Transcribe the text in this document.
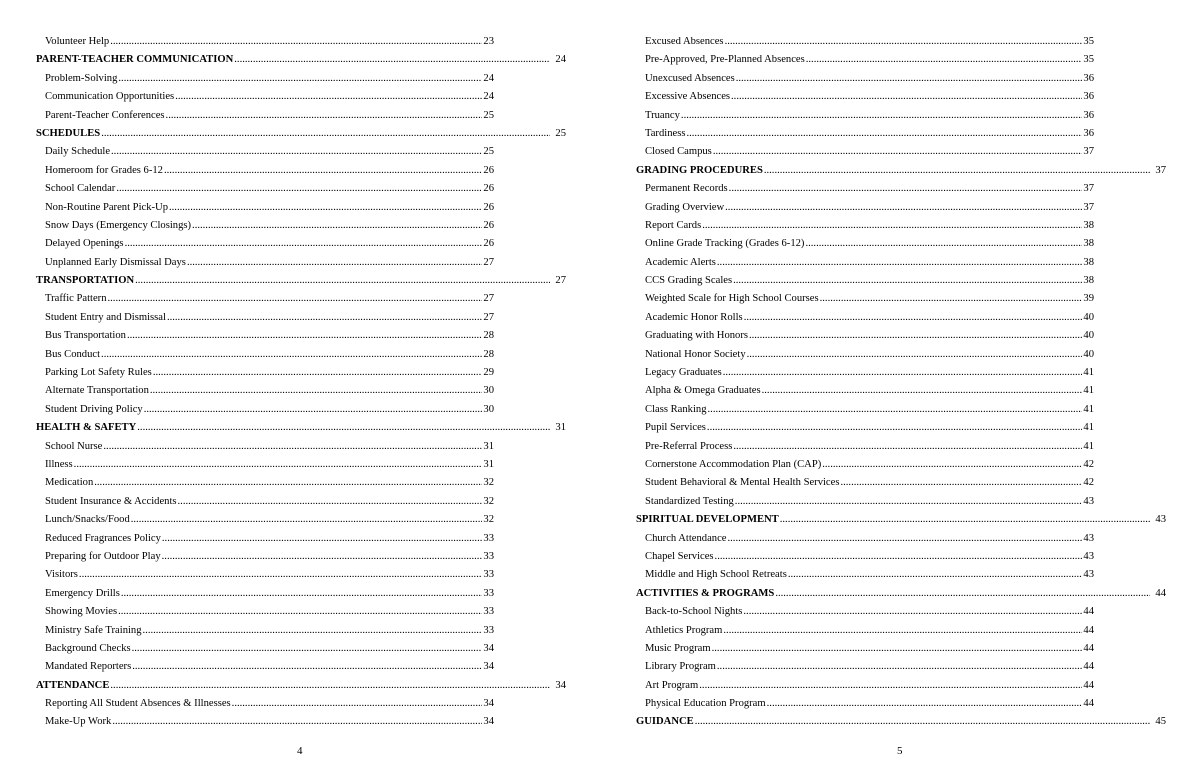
Volunteer Help .....	23
PARENT-TEACHER COMMUNICATION .....	24
Problem-Solving .....	24
Communication Opportunities .....	24
Parent-Teacher Conferences .....	25
SCHEDULES .....	25
Daily Schedule .....	25
Homeroom for Grades 6-12 .....	26
School Calendar .....	26
Non-Routine Parent Pick-Up .....	26
Snow Days (Emergency Closings) .....	26
Delayed Openings .....	26
Unplanned Early Dismissal Days .....	27
TRANSPORTATION .....	27
Traffic Pattern .....	27
Student Entry and Dismissal .....	27
Bus Transportation .....	28
Bus Conduct .....	28
Parking Lot Safety Rules .....	29
Alternate Transportation .....	30
Student Driving Policy .....	30
HEALTH & SAFETY .....	31
School Nurse .....	31
Illness .....	31
Medication .....	32
Student Insurance & Accidents .....	32
Lunch/Snacks/Food .....	32
Reduced Fragrances Policy .....	33
Preparing for Outdoor Play .....	33
Visitors .....	33
Emergency Drills .....	33
Showing Movies .....	33
Ministry Safe Training .....	33
Background Checks .....	34
Mandated Reporters .....	34
ATTENDANCE .....	34
Reporting All Student Absences & Illnesses .....	34
Make-Up Work .....	34
Excused Absences .....	35
Pre-Approved, Pre-Planned Absences .....	35
Unexcused Absences .....	36
Excessive Absences .....	36
Truancy .....	36
Tardiness .....	36
Closed Campus .....	37
GRADING PROCEDURES .....	37
Permanent Records .....	37
Grading Overview .....	37
Report Cards .....	38
Online Grade Tracking (Grades 6-12) .....	38
Academic Alerts .....	38
CCS Grading Scales .....	38
Weighted Scale for High School Courses .....	39
Academic Honor Rolls .....	40
Graduating with Honors .....	40
National Honor Society .....	40
Legacy Graduates .....	41
Alpha & Omega Graduates .....	41
Class Ranking .....	41
Pupil Services .....	41
Pre-Referral Process .....	41
Cornerstone Accommodation Plan (CAP) .....	42
Student Behavioral & Mental Health Services .....	42
Standardized Testing .....	43
SPIRITUAL DEVELOPMENT .....	43
Church Attendance .....	43
Chapel Services .....	43
Middle and High School Retreats .....	43
ACTIVITIES & PROGRAMS .....	44
Back-to-School Nights .....	44
Athletics Program .....	44
Music Program .....	44
Library Program .....	44
Art Program .....	44
Physical Education Program .....	44
GUIDANCE .....	45
4	5
